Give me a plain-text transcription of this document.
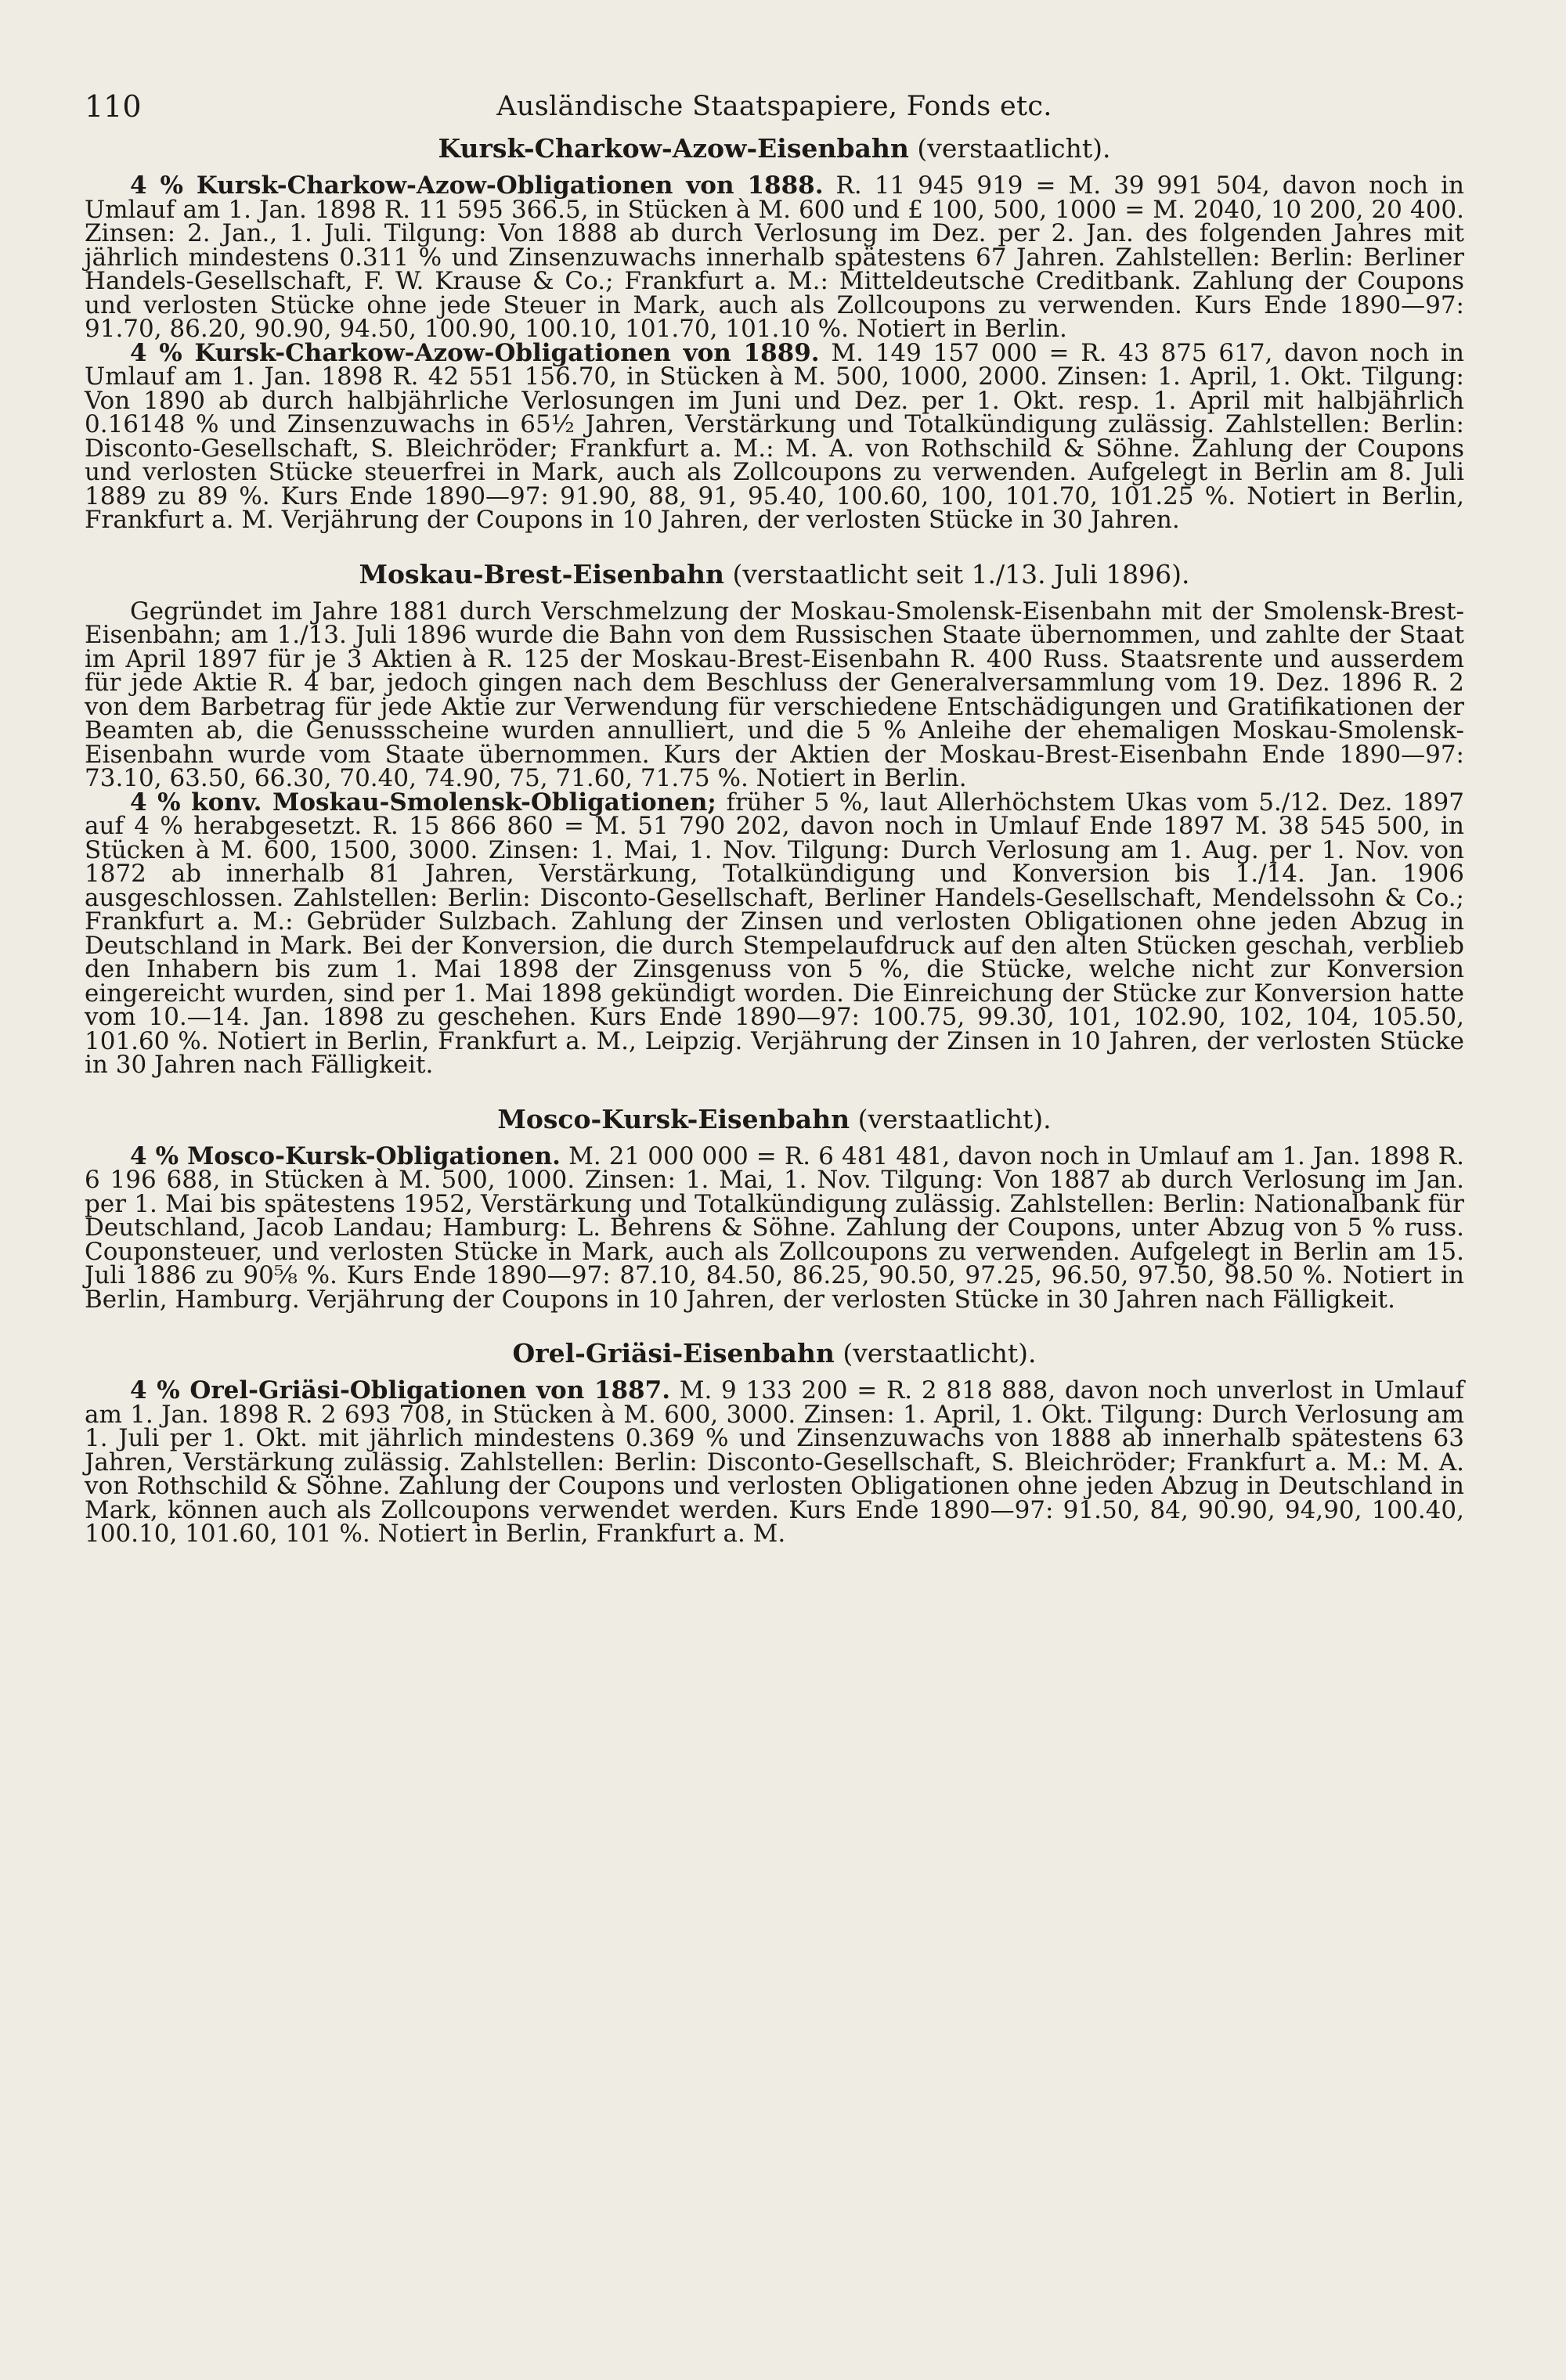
110	Ausländische Staatspapiere, Fonds etc.
Kursk-Charkow-Azow-Eisenbahn (verstaatlicht).

4 % Kursk-Charkow-Azow-Obligationen von 1888. R. 11 945 919 = M. 39 991 504, davon noch in Umlauf am 1. Jan. 1898 R. 11 595 366.5, in Stücken à M. 600 und £ 100, 500, 1000 = M. 2040, 10 200, 20 400. Zinsen: 2. Jan., 1. Juli. Tilgung: Von 1888 ab durch Verlosung im Dez. per 2. Jan. des folgenden Jahres mit jährlich mindestens 0.311 % und Zinsenzuwachs innerhalb spätestens 67 Jahren. Zahlstellen: Berlin: Berliner Handels-Gesellschaft, F. W. Krause & Co.; Frankfurt a. M.: Mitteldeutsche Creditbank. Zahlung der Coupons und verlosten Stücke ohne jede Steuer in Mark, auch als Zollcoupons zu verwenden. Kurs Ende 1890—97: 91.70, 86.20, 90.90, 94.50, 100.90, 100.10, 101.70, 101.10 %. Notiert in Berlin.

4 % Kursk-Charkow-Azow-Obligationen von 1889. M. 149 157 000 = R. 43 875 617, davon noch in Umlauf am 1. Jan. 1898 R. 42 551 156.70, in Stücken à M. 500, 1000, 2000. Zinsen: 1. April, 1. Okt. Tilgung: Von 1890 ab durch halbjährliche Verlosungen im Juni und Dez. per 1. Okt. resp. 1. April mit halbjährlich 0.16148 % und Zinsenzuwachs in 65½ Jahren, Verstärkung und Totalkündigung zulässig. Zahlstellen: Berlin: Disconto-Gesellschaft, S. Bleichröder; Frankfurt a. M.: M. A. von Rothschild & Söhne. Zahlung der Coupons und verlosten Stücke steuerfrei in Mark, auch als Zollcoupons zu verwenden. Aufgelegt in Berlin am 8. Juli 1889 zu 89 %. Kurs Ende 1890—97: 91.90, 88, 91, 95.40, 100.60, 100, 101.70, 101.25 %. Notiert in Berlin, Frankfurt a. M. Verjährung der Coupons in 10 Jahren, der verlosten Stücke in 30 Jahren.

Moskau-Brest-Eisenbahn (verstaatlicht seit 1./13. Juli 1896).

Gegründet im Jahre 1881 durch Verschmelzung der Moskau-Smolensk-Eisenbahn mit der Smolensk-Brest-Eisenbahn; am 1./13. Juli 1896 wurde die Bahn von dem Russischen Staate übernommen, und zahlte der Staat im April 1897 für je 3 Aktien à R. 125 der Moskau-Brest-Eisenbahn R. 400 Russ. Staatsrente und ausserdem für jede Aktie R. 4 bar, jedoch gingen nach dem Beschluss der Generalversammlung vom 19. Dez. 1896 R. 2 von dem Barbetrag für jede Aktie zur Verwendung für verschiedene Entschädigungen und Gratifikationen der Beamten ab, die Genussscheine wurden annulliert, und die 5 % Anleihe der ehemaligen Moskau-Smolensk-Eisenbahn wurde vom Staate übernommen. Kurs der Aktien der Moskau-Brest-Eisenbahn Ende 1890—97: 73.10, 63.50, 66.30, 70.40, 74.90, 75, 71.60, 71.75 %. Notiert in Berlin.

4 % konv. Moskau-Smolensk-Obligationen; früher 5 %, laut Allerhöchstem Ukas vom 5./12. Dez. 1897 auf 4 % herabgesetzt. R. 15 866 860 = M. 51 790 202, davon noch in Umlauf Ende 1897 M. 38 545 500, in Stücken à M. 600, 1500, 3000. Zinsen: 1. Mai, 1. Nov. Tilgung: Durch Verlosung am 1. Aug. per 1. Nov. von 1872 ab innerhalb 81 Jahren, Verstärkung, Totalkündigung und Konversion bis 1./14. Jan. 1906 ausgeschlossen. Zahlstellen: Berlin: Disconto-Gesellschaft, Berliner Handels-Gesellschaft, Mendelssohn & Co.; Frankfurt a. M.: Gebrüder Sulzbach. Zahlung der Zinsen und verlosten Obligationen ohne jeden Abzug in Deutschland in Mark. Bei der Konversion, die durch Stempelaufdruck auf den alten Stücken geschah, verblieb den Inhabern bis zum 1. Mai 1898 der Zinsgenuss von 5 %, die Stücke, welche nicht zur Konversion eingereicht wurden, sind per 1. Mai 1898 gekündigt worden. Die Einreichung der Stücke zur Konversion hatte vom 10.—14. Jan. 1898 zu geschehen. Kurs Ende 1890—97: 100.75, 99.30, 101, 102.90, 102, 104, 105.50, 101.60 %. Notiert in Berlin, Frankfurt a. M., Leipzig. Verjährung der Zinsen in 10 Jahren, der verlosten Stücke in 30 Jahren nach Fälligkeit.

Mosco-Kursk-Eisenbahn (verstaatlicht).

4 % Mosco-Kursk-Obligationen. M. 21 000 000 = R. 6 481 481, davon noch in Umlauf am 1. Jan. 1898 R. 6 196 688, in Stücken à M. 500, 1000. Zinsen: 1. Mai, 1. Nov. Tilgung: Von 1887 ab durch Verlosung im Jan. per 1. Mai bis spätestens 1952, Verstärkung und Totalkündigung zulässig. Zahlstellen: Berlin: Nationalbank für Deutschland, Jacob Landau; Hamburg: L. Behrens & Söhne. Zahlung der Coupons, unter Abzug von 5 % russ. Couponsteuer, und verlosten Stücke in Mark, auch als Zollcoupons zu verwenden. Aufgelegt in Berlin am 15. Juli 1886 zu 90⅝ %. Kurs Ende 1890—97: 87.10, 84.50, 86.25, 90.50, 97.25, 96.50, 97.50, 98.50 %. Notiert in Berlin, Hamburg. Verjährung der Coupons in 10 Jahren, der verlosten Stücke in 30 Jahren nach Fälligkeit.

Orel-Griäsi-Eisenbahn (verstaatlicht).

4 % Orel-Griäsi-Obligationen von 1887. M. 9 133 200 = R. 2 818 888, davon noch unverlost in Umlauf am 1. Jan. 1898 R. 2 693 708, in Stücken à M. 600, 3000. Zinsen: 1. April, 1. Okt. Tilgung: Durch Verlosung am 1. Juli per 1. Okt. mit jährlich mindestens 0.369 % und Zinsenzuwachs von 1888 ab innerhalb spätestens 63 Jahren, Verstärkung zulässig. Zahlstellen: Berlin: Disconto-Gesellschaft, S. Bleichröder; Frankfurt a. M.: M. A. von Rothschild & Söhne. Zahlung der Coupons und verlosten Obligationen ohne jeden Abzug in Deutschland in Mark, können auch als Zollcoupons verwendet werden. Kurs Ende 1890—97: 91.50, 84, 90.90, 94,90, 100.40, 100.10, 101.60, 101 %. Notiert in Berlin, Frankfurt a. M.
